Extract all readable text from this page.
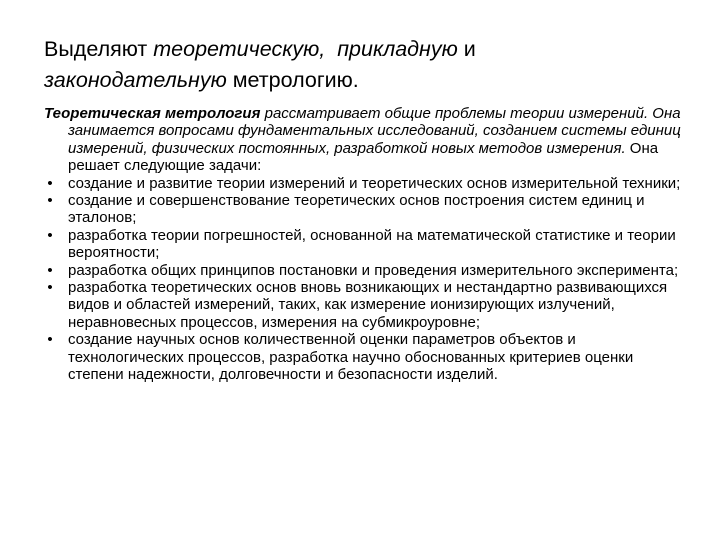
Выделяют теоретическую,  прикладную и
законодательную метрологию.
Теоретическая метрология рассматривает общие проблемы теории измерений. Она занимается вопросами фундаментальных исследований, созданием системы единиц измерений, физических постоянных, разработкой новых методов измерения. Она решает следующие задачи:
• создание и развитие теории измерений и теоретических основ измерительной техники;
• создание и совершенствование теоретических основ построения систем единиц и эталонов;
• разработка теории погрешностей, основанной на математической статистике и теории вероятности;
• разработка общих принципов постановки и проведения измерительного эксперимента;
• разработка теоретических основ вновь возникающих и нестандартно развивающихся видов и областей измерений, таких, как измерение ионизирующих излучений, неравновесных процессов, измерения на субмикроуровне;
• создание научных основ количественной оценки параметров объектов и технологических процессов, разработка научно обоснованных критериев оценки степени надежности, долговечности и безопасности изделий.
